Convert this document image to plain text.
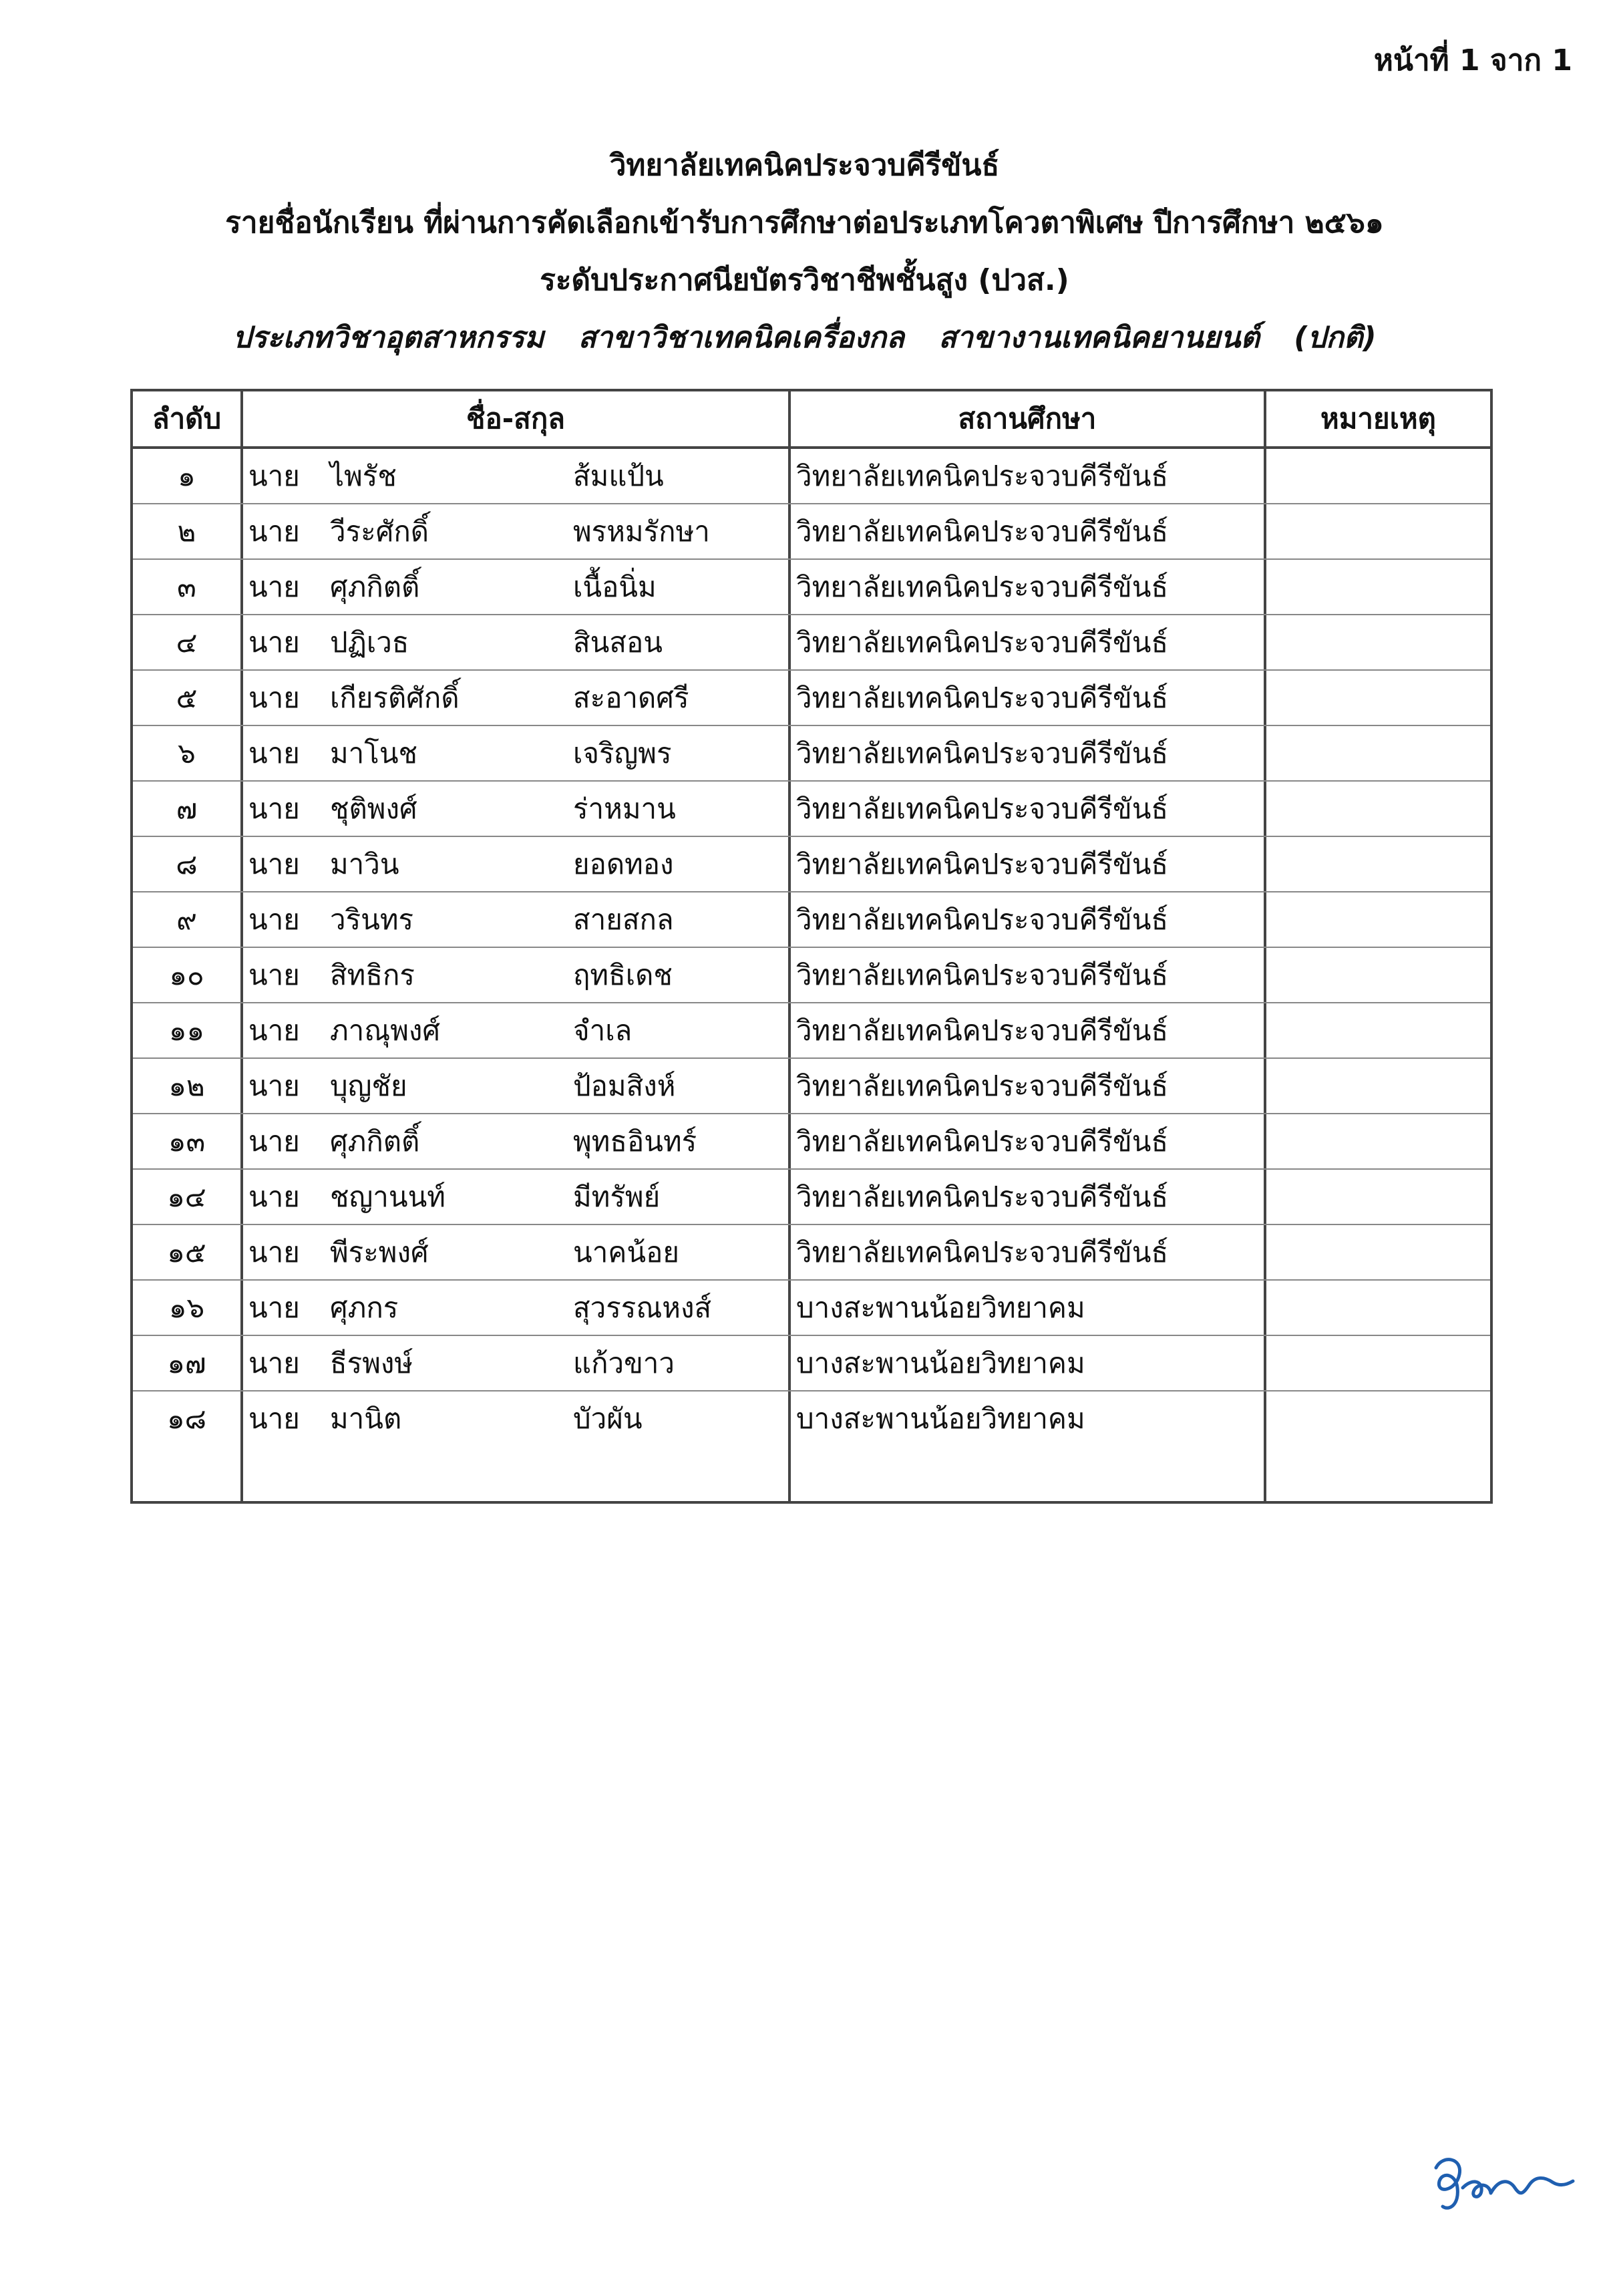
หน้าที่ 1 จาก 1
วิทยาลัยเทคนิคประจวบคีรีขันธ์
รายชื่อนักเรียน ที่ผ่านการคัดเลือกเข้ารับการศึกษาต่อประเภทโควตาพิเศษ ปีการศึกษา ๒๕๖๑
ระดับประกาศนียบัตรวิชาชีพชั้นสูง (ปวส.)
ประเภทวิชาอุตสาหกรรม สาขาวิชาเทคนิคเครื่องกล สาขางานเทคนิคยานยนต์ (ปกติ)
ลำดับ	ชื่อ-สกุล	สถานศึกษา	หมายเหตุ
๑	นาย	ไพรัช	ส้มแป้น	วิทยาลัยเทคนิคประจวบคีรีขันธ์
๒	นาย	วีระศักดิ์	พรหมรักษา	วิทยาลัยเทคนิคประจวบคีรีขันธ์
๓	นาย	ศุภกิตติ์	เนื้อนิ่ม	วิทยาลัยเทคนิคประจวบคีรีขันธ์
๔	นาย	ปฏิเวธ	สินสอน	วิทยาลัยเทคนิคประจวบคีรีขันธ์
๕	นาย	เกียรติศักดิ์	สะอาดศรี	วิทยาลัยเทคนิคประจวบคีรีขันธ์
๖	นาย	มาโนช	เจริญพร	วิทยาลัยเทคนิคประจวบคีรีขันธ์
๗	นาย	ชุติพงศ์	ร่าหมาน	วิทยาลัยเทคนิคประจวบคีรีขันธ์
๘	นาย	มาวิน	ยอดทอง	วิทยาลัยเทคนิคประจวบคีรีขันธ์
๙	นาย	วรินทร	สายสกล	วิทยาลัยเทคนิคประจวบคีรีขันธ์
๑๐	นาย	สิทธิกร	ฤทธิเดช	วิทยาลัยเทคนิคประจวบคีรีขันธ์
๑๑	นาย	ภาณุพงศ์	จำเล	วิทยาลัยเทคนิคประจวบคีรีขันธ์
๑๒	นาย	บุญชัย	ป้อมสิงห์	วิทยาลัยเทคนิคประจวบคีรีขันธ์
๑๓	นาย	ศุภกิตติ์	พุทธอินทร์	วิทยาลัยเทคนิคประจวบคีรีขันธ์
๑๔	นาย	ชญานนท์	มีทรัพย์	วิทยาลัยเทคนิคประจวบคีรีขันธ์
๑๕	นาย	พีระพงศ์	นาคน้อย	วิทยาลัยเทคนิคประจวบคีรีขันธ์
๑๖	นาย	ศุภกร	สุวรรณหงส์	บางสะพานน้อยวิทยาคม
๑๗	นาย	ธีรพงษ์	แก้วขาว	บางสะพานน้อยวิทยาคม
๑๘	นาย	มานิต	บัวผัน	บางสะพานน้อยวิทยาคม
